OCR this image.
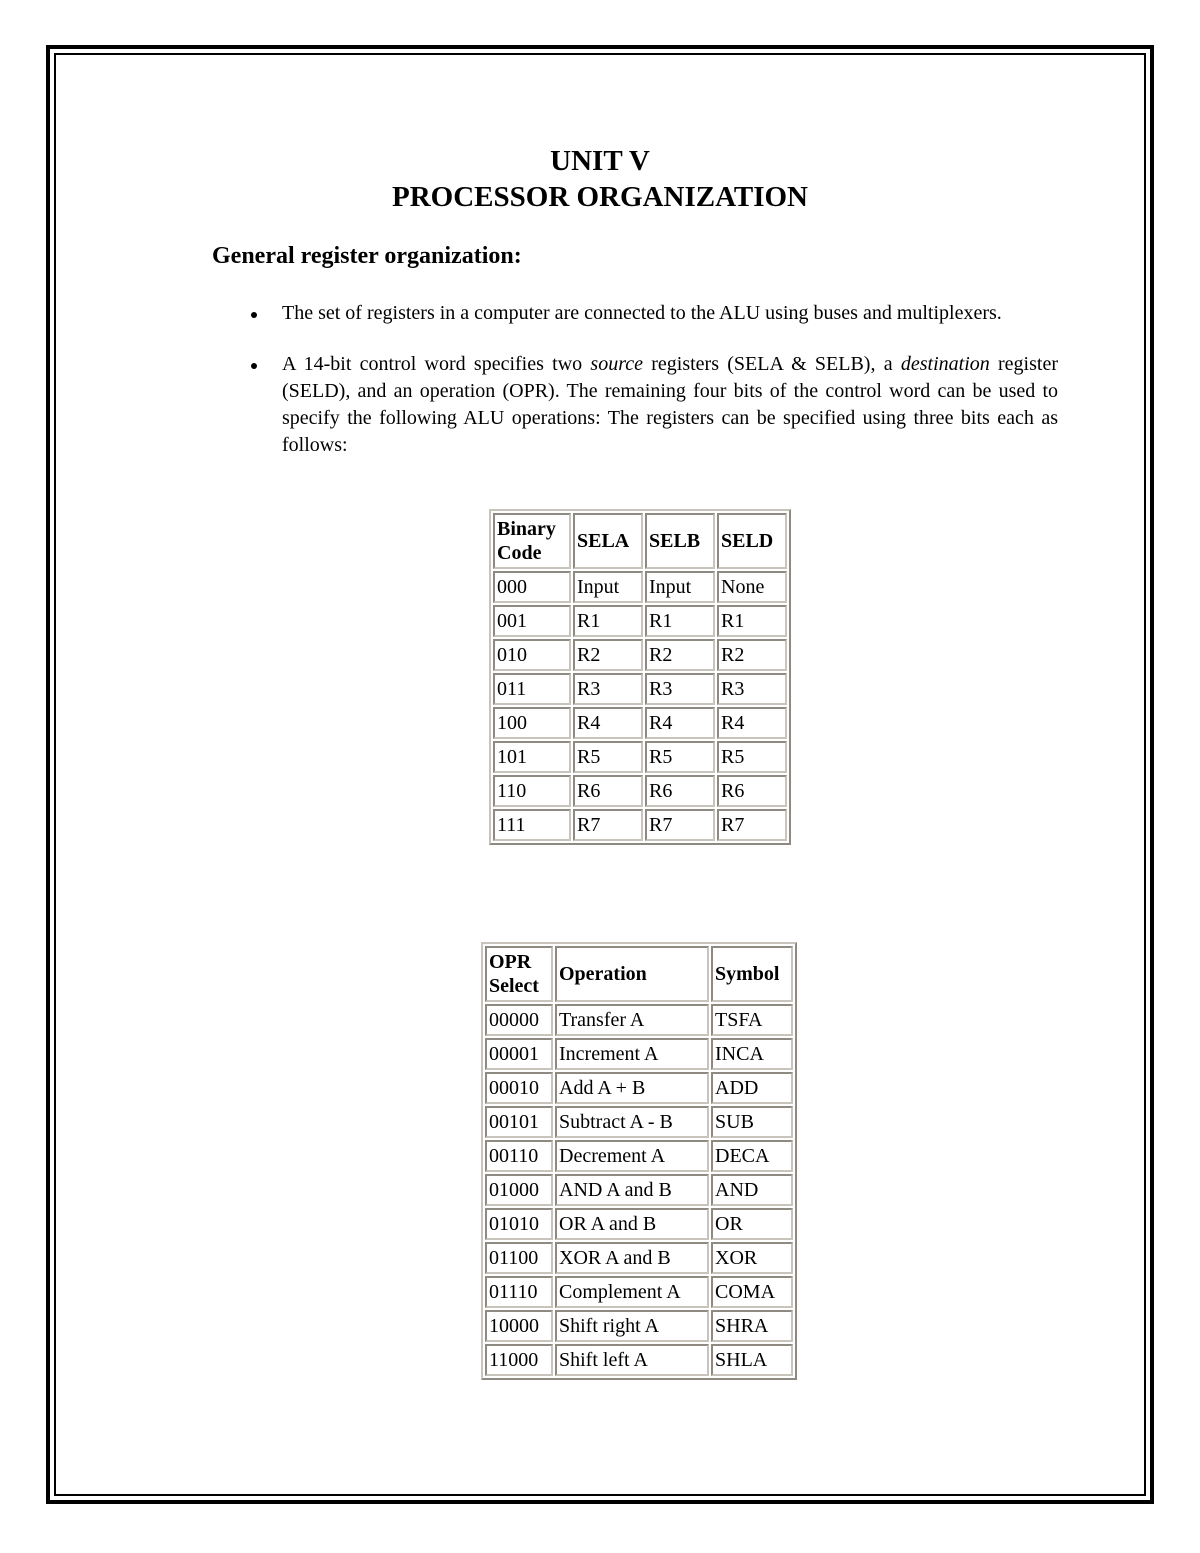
UNIT V
PROCESSOR ORGANIZATION
General register organization:
The set of registers in a computer are connected to the ALU using buses and multiplexers.
A 14-bit control word specifies two source registers (SELA & SELB), a destination register (SELD), and an operation (OPR). The remaining four bits of the control word can be used to specify the following ALU operations: The registers can be specified using three bits each as follows:
Binary
Code	SELA	SELB	SELD
000	Input	Input	None
001	R1	R1	R1
010	R2	R2	R2
011	R3	R3	R3
100	R4	R4	R4
101	R5	R5	R5
110	R6	R6	R6
111	R7	R7	R7
OPR
Select	Operation	Symbol
00000	Transfer A	TSFA
00001	Increment A	INCA
00010	Add A + B	ADD
00101	Subtract A - B	SUB
00110	Decrement A	DECA
01000	AND A and B	AND
01010	OR A and B	OR
01100	XOR A and B	XOR
01110	Complement A	COMA
10000	Shift right A	SHRA
11000	Shift left A	SHLA
